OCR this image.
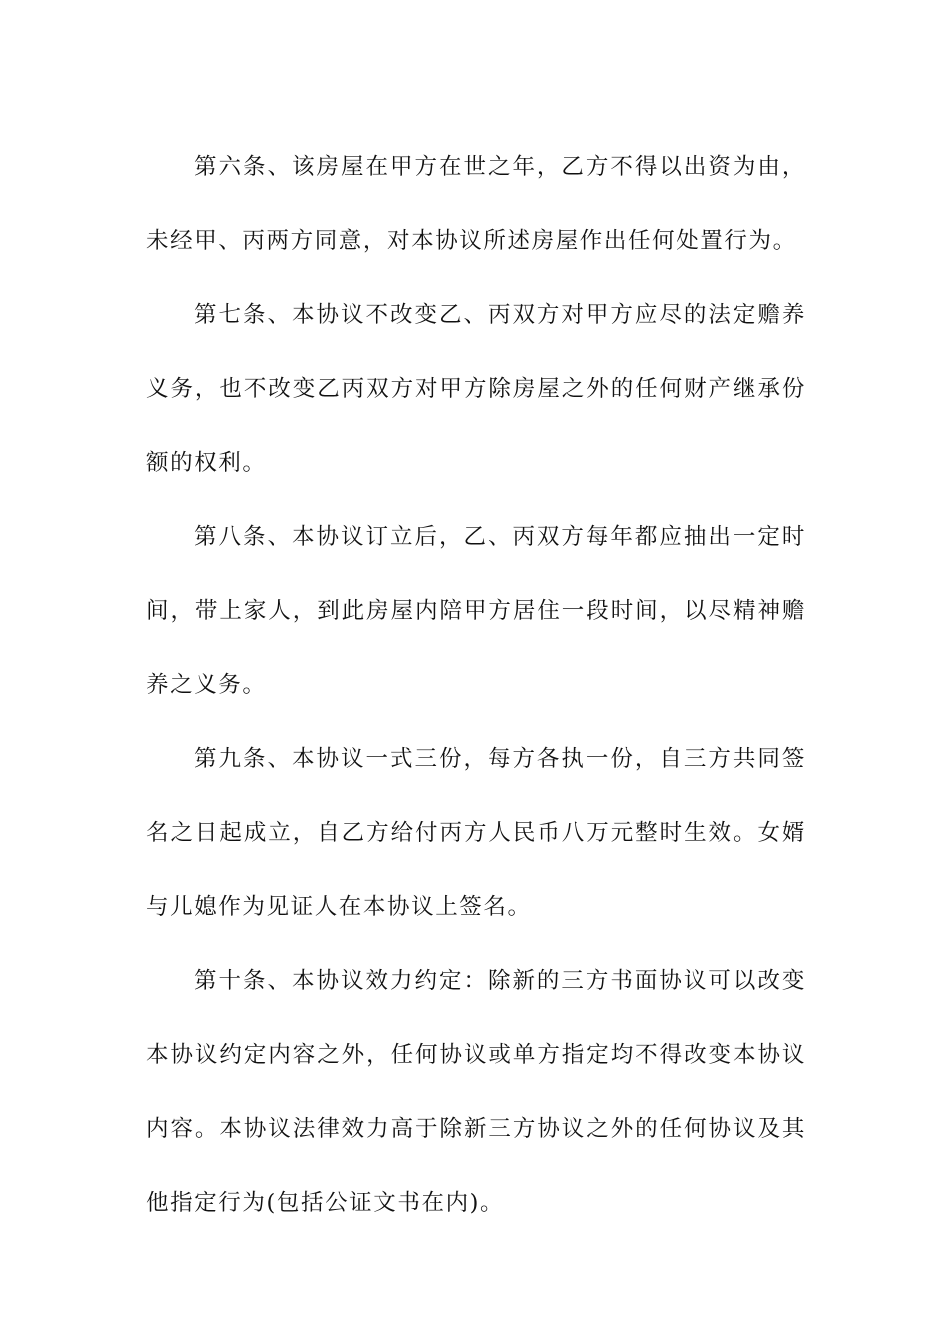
第六条、该房屋在甲方在世之年，乙方不得以出资为由，未经甲、丙两方同意，对本协议所述房屋作出任何处置行为。

第七条、本协议不改变乙、丙双方对甲方应尽的法定赡养义务，也不改变乙丙双方对甲方除房屋之外的任何财产继承份额的权利。

第八条、本协议订立后，乙、丙双方每年都应抽出一定时间，带上家人，到此房屋内陪甲方居住一段时间，以尽精神赡养之义务。

第九条、本协议一式三份，每方各执一份，自三方共同签名之日起成立，自乙方给付丙方人民币八万元整时生效。女婿与儿媳作为见证人在本协议上签名。

第十条、本协议效力约定：除新的三方书面协议可以改变本协议约定内容之外，任何协议或单方指定均不得改变本协议内容。本协议法律效力高于除新三方协议之外的任何协议及其他指定行为(包括公证文书在内)。
